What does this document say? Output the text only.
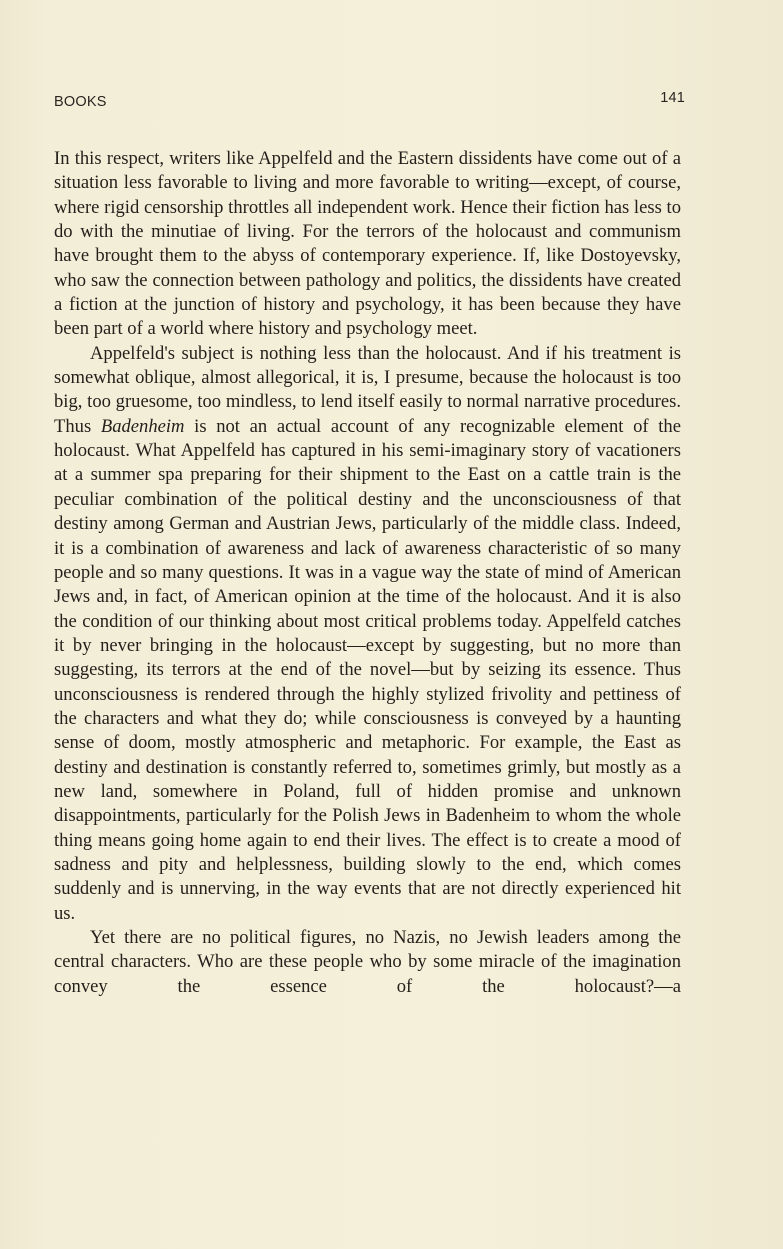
BOOKS	141

In this respect, writers like Appelfeld and the Eastern dissidents have come out of a situation less favorable to living and more favorable to writing—except, of course, where rigid censorship throttles all independent work. Hence their fiction has less to do with the minutiae of living. For the terrors of the holocaust and communism have brought them to the abyss of contemporary experience. If, like Dostoyevsky, who saw the connection between pathology and politics, the dissidents have created a fiction at the junction of history and psychology, it has been because they have been part of a world where history and psychology meet.

Appelfeld's subject is nothing less than the holocaust. And if his treatment is somewhat oblique, almost allegorical, it is, I presume, because the holocaust is too big, too gruesome, too mindless, to lend itself easily to normal narrative procedures. Thus Badenheim is not an actual account of any recognizable element of the holocaust. What Appelfeld has captured in his semi-imaginary story of vacationers at a summer spa preparing for their shipment to the East on a cattle train is the peculiar combination of the political destiny and the unconsciousness of that destiny among German and Austrian Jews, particularly of the middle class. Indeed, it is a combination of awareness and lack of awareness characteristic of so many people and so many questions. It was in a vague way the state of mind of American Jews and, in fact, of American opinion at the time of the holocaust. And it is also the condition of our thinking about most critical problems today. Appelfeld catches it by never bringing in the holocaust—except by suggesting, but no more than suggesting, its terrors at the end of the novel—but by seizing its essence. Thus unconsciousness is rendered through the highly stylized frivolity and pettiness of the characters and what they do; while consciousness is conveyed by a haunting sense of doom, mostly atmospheric and metaphoric. For example, the East as destiny and destination is constantly referred to, sometimes grimly, but mostly as a new land, somewhere in Poland, full of hidden promise and unknown disappointments, particularly for the Polish Jews in Badenheim to whom the whole thing means going home again to end their lives. The effect is to create a mood of sadness and pity and helplessness, building slowly to the end, which comes suddenly and is unnerving, in the way events that are not directly experienced hit us.

Yet there are no political figures, no Nazis, no Jewish leaders among the central characters. Who are these people who by some miracle of the imagination convey the essence of the holocaust?—a
